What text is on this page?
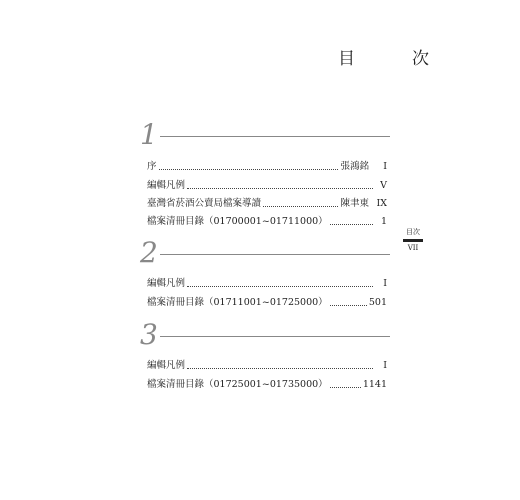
目　次
1
序	張鴻銘	I
編輯凡例	V
臺灣省菸酒公賣局檔案導讀	陳聿東 IX
檔案清冊目錄（01700001~01711000）	1
2
編輯凡例	I
檔案清冊目錄（01711001~01725000）	501
3
編輯凡例	I
檔案清冊目錄（01725001~01735000）	1141
目次
VII
